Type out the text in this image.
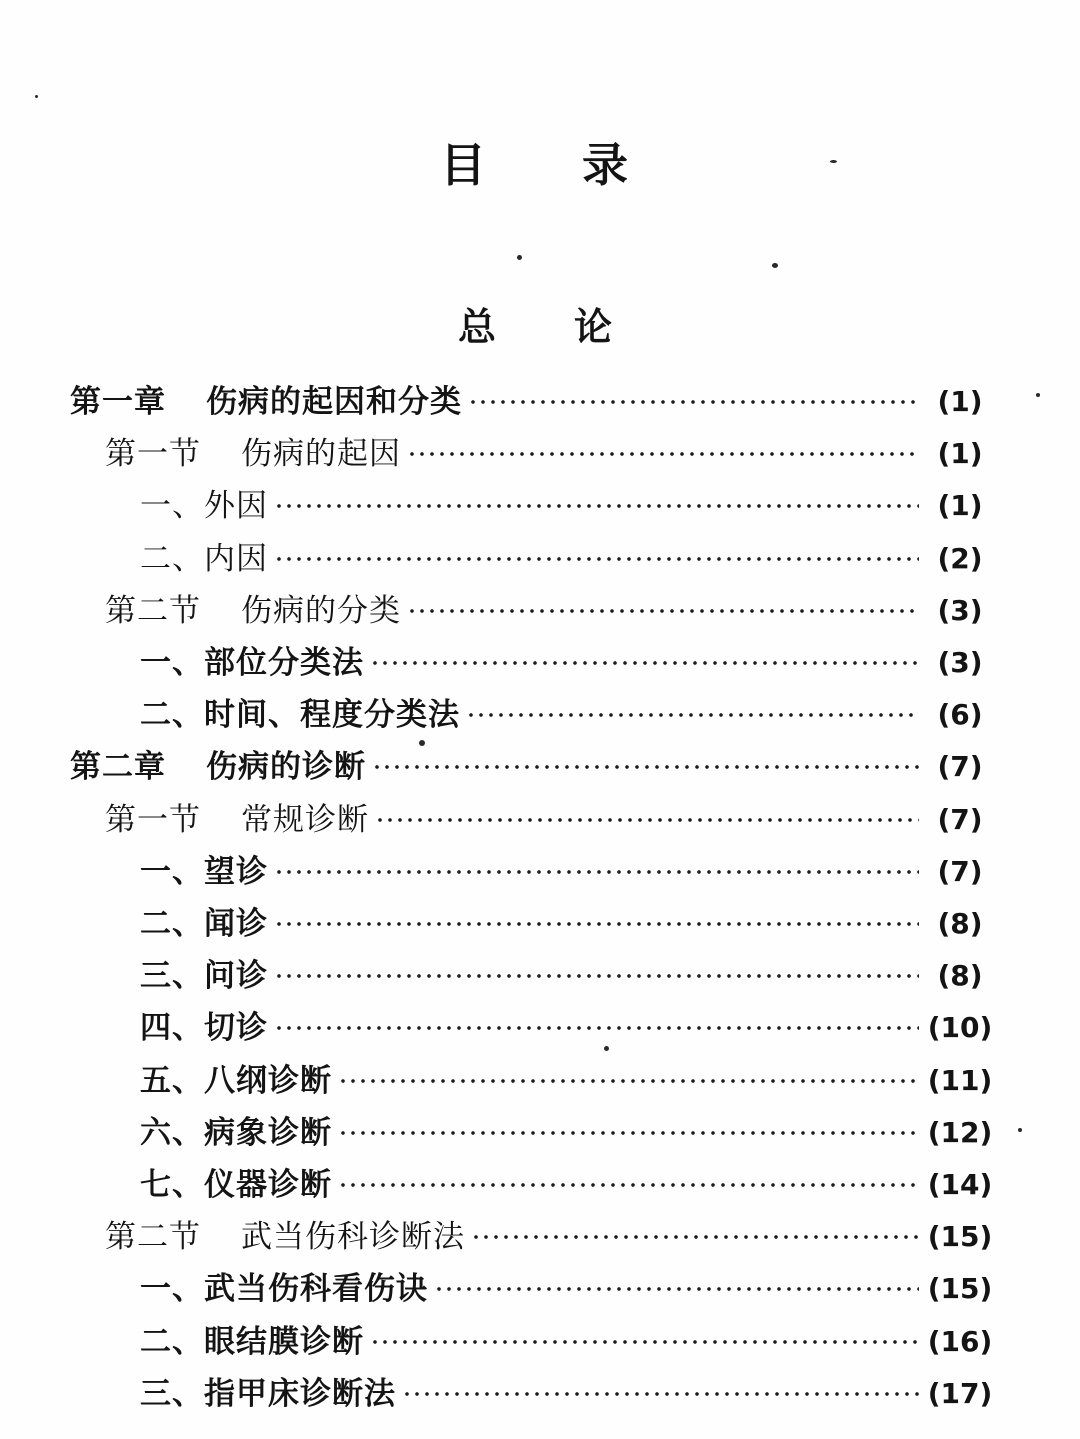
目录
总论
第一章 伤病的起因和分类	(1)
第一节 伤病的起因	(1)
一、外因	(1)
二、内因	(2)
第二节 伤病的分类	(3)
一、部位分类法	(3)
二、时间、程度分类法	(6)
第二章 伤病的诊断	(7)
第一节 常规诊断	(7)
一、望诊	(7)
二、闻诊	(8)
三、问诊	(8)
四、切诊	(10)
五、八纲诊断	(11)
六、病象诊断	(12)
七、仪器诊断	(14)
第二节 武当伤科诊断法	(15)
一、武当伤科看伤诀	(15)
二、眼结膜诊断	(16)
三、指甲床诊断法	(17)
